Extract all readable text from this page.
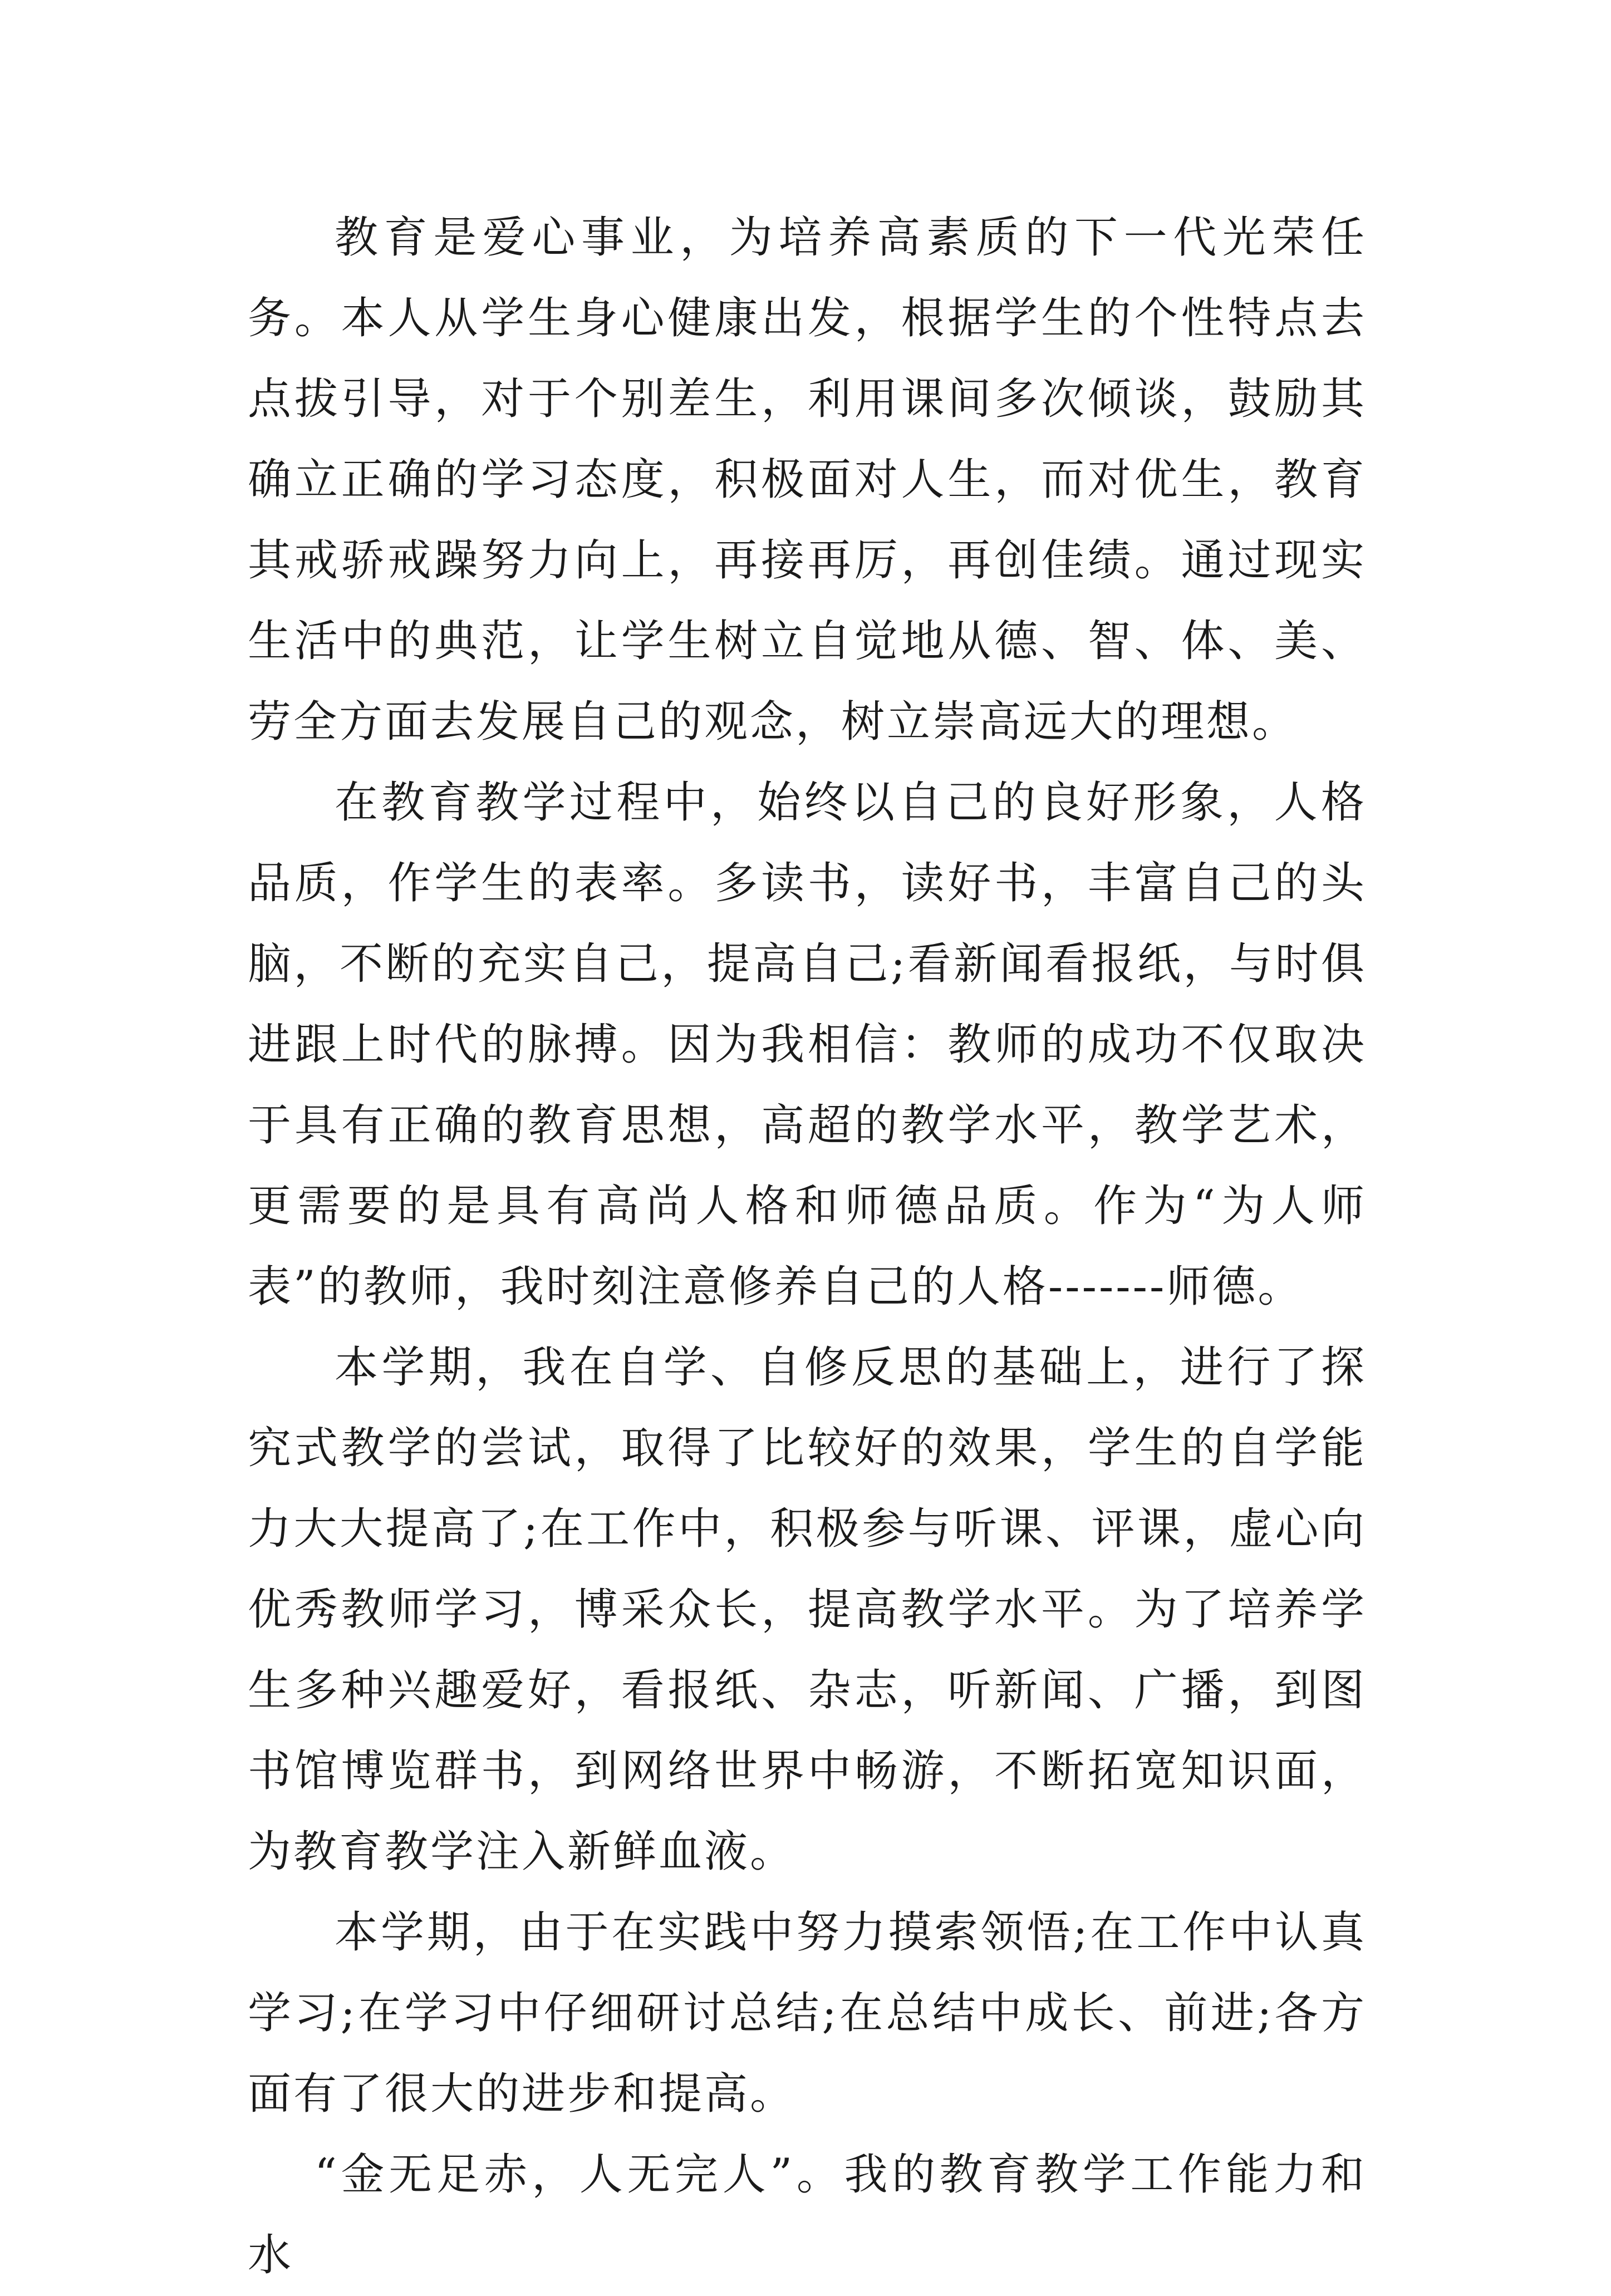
教育是爱心事业，为培养高素质的下一代光荣任务。本人从学生身心健康出发，根据学生的个性特点去点拔引导，对于个别差生，利用课间多次倾谈，鼓励其确立正确的学习态度，积极面对人生，而对优生，教育其戒骄戒躁努力向上，再接再厉，再创佳绩。通过现实生活中的典范，让学生树立自觉地从德、智、体、美、劳全方面去发展自己的观念，树立崇高远大的理想。

在教育教学过程中，始终以自己的良好形象，人格品质，作学生的表率。多读书，读好书，丰富自己的头脑，不断的充实自己，提高自己;看新闻看报纸，与时俱进跟上时代的脉搏。因为我相信：教师的成功不仅取决于具有正确的教育思想，高超的教学水平，教学艺术，更需要的是具有高尚人格和师德品质。作为“为人师表”的教师，我时刻注意修养自己的人格-------师德。

本学期，我在自学、自修反思的基础上，进行了探究式教学的尝试，取得了比较好的效果，学生的自学能力大大提高了;在工作中，积极参与听课、评课，虚心向优秀教师学习，博采众长，提高教学水平。为了培养学生多种兴趣爱好，看报纸、杂志，听新闻、广播，到图书馆博览群书，到网络世界中畅游，不断拓宽知识面，为教育教学注入新鲜血液。

本学期，由于在实践中努力摸索领悟;在工作中认真学习;在学习中仔细研讨总结;在总结中成长、前进;各方面有了很大的进步和提高。

“金无足赤，人无完人”。我的教育教学工作能力和水
